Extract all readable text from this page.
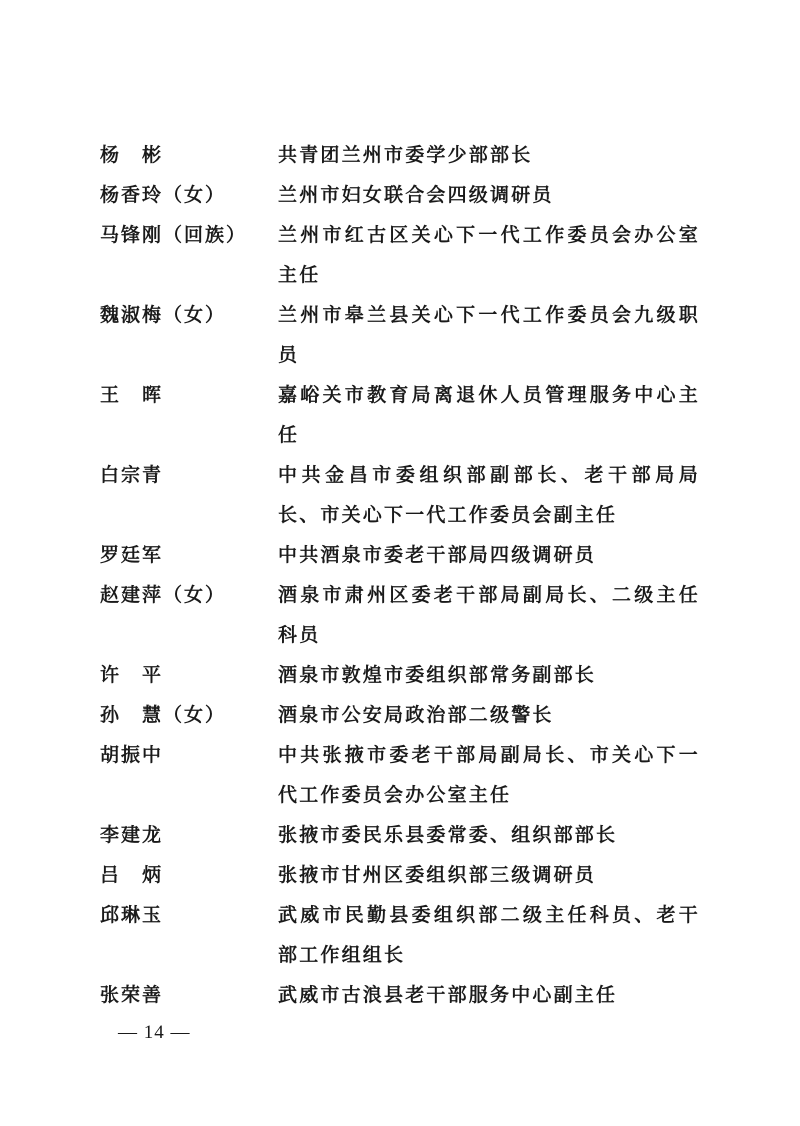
杨　彬	共青团兰州市委学少部部长
杨香玲（女）	兰州市妇女联合会四级调研员
马锋刚（回族）	兰州市红古区关心下一代工作委员会办公室主任
魏淑梅（女）	兰州市皋兰县关心下一代工作委员会九级职员
王　晖	嘉峪关市教育局离退休人员管理服务中心主任
白宗青	中共金昌市委组织部副部长、老干部局局长、市关心下一代工作委员会副主任
罗廷军	中共酒泉市委老干部局四级调研员
赵建萍（女）	酒泉市肃州区委老干部局副局长、二级主任科员
许　平	酒泉市敦煌市委组织部常务副部长
孙　慧（女）	酒泉市公安局政治部二级警长
胡振中	中共张掖市委老干部局副局长、市关心下一代工作委员会办公室主任
李建龙	张掖市委民乐县委常委、组织部部长
吕　炳	张掖市甘州区委组织部三级调研员
邱琳玉	武威市民勤县委组织部二级主任科员、老干部工作组组长
张荣善	武威市古浪县老干部服务中心副主任
— 14 —
